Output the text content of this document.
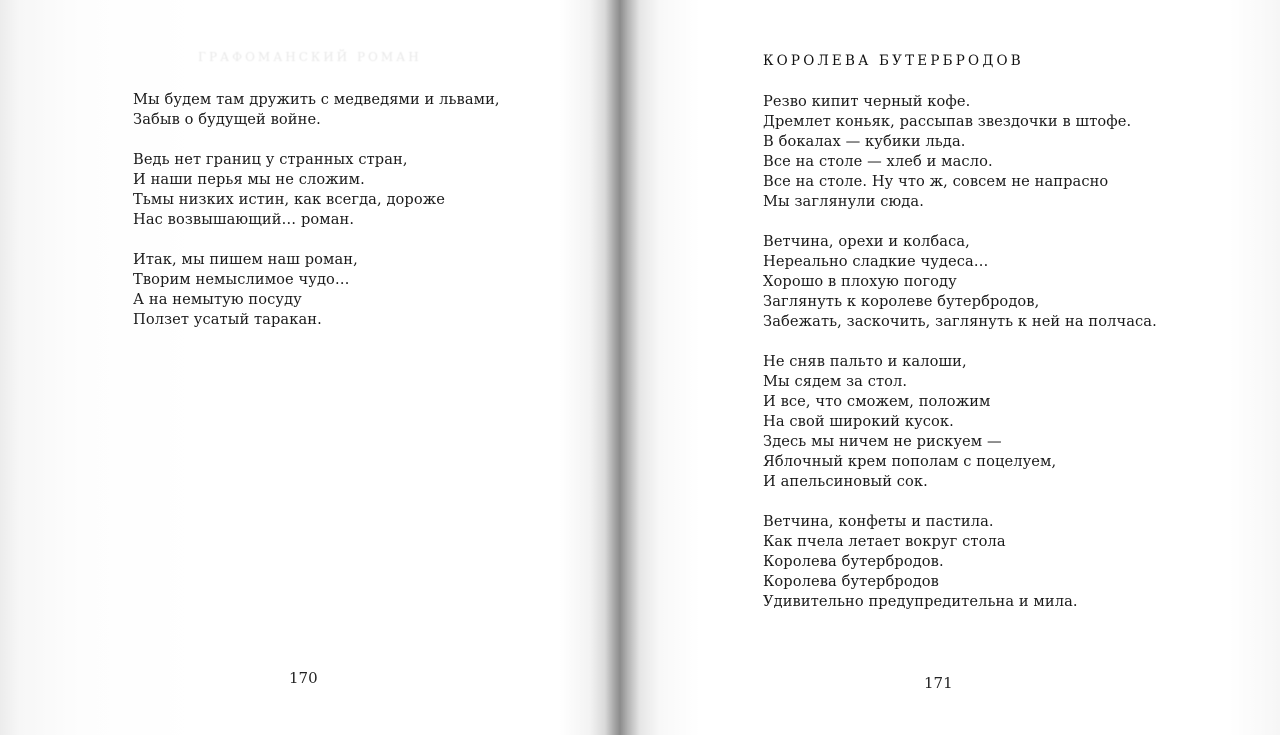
ГРАФОМАНСКИЙ РОМАН
Мы будем там дружить с медведями и львами,
Забыв о будущей войне.
Ведь нет границ у странных стран,
И наши перья мы не сложим.
Тьмы низких истин, как всегда, дороже
Нас возвышающий… роман.
Итак, мы пишем наш роман,
Творим немыслимое чудо…
А на немытую посуду
Ползет усатый таракан.
170
КОРОЛЕВА БУТЕРБРОДОВ
Резво кипит черный кофе.
Дремлет коньяк, рассыпав звездочки в штофе.
В бокалах — кубики льда.
Все на столе — хлеб и масло.
Все на столе. Ну что ж, совсем не напрасно
Мы заглянули сюда.
Ветчина, орехи и колбаса,
Нереально сладкие чудеса…
Хорошо в плохую погоду
Заглянуть к королеве бутербродов,
Забежать, заскочить, заглянуть к ней на полчаса.
Не сняв пальто и калоши,
Мы сядем за стол.
И все, что сможем, положим
На свой широкий кусок.
Здесь мы ничем не рискуем —
Яблочный крем пополам с поцелуем,
И апельсиновый сок.
Ветчина, конфеты и пастила.
Как пчела летает вокруг стола
Королева бутербродов.
Королева бутербродов
Удивительно предупредительна и мила.
171
